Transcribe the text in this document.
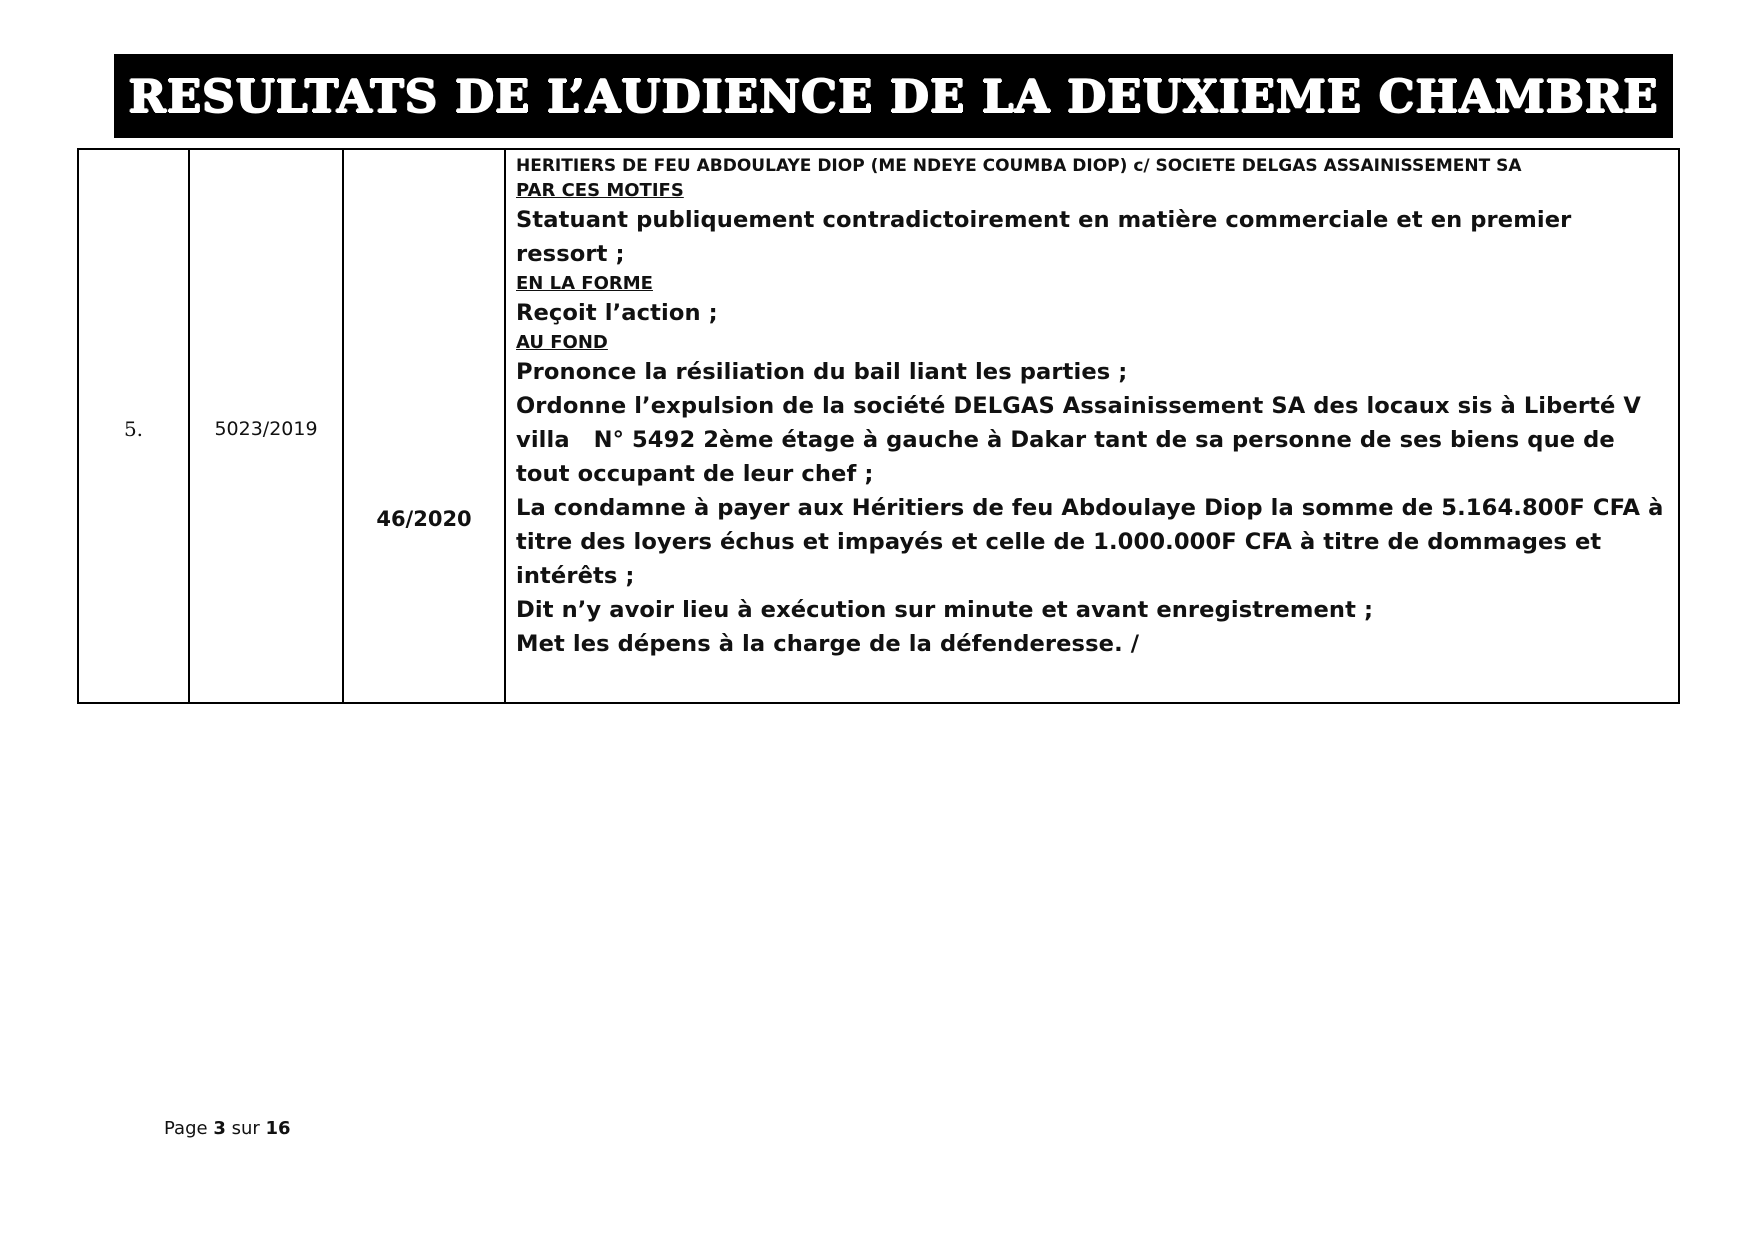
RESULTATS DE L’AUDIENCE DE LA DEUXIEME CHAMBRE
5.	5023/2019
46/2020
HERITIERS DE FEU ABDOULAYE DIOP (ME NDEYE COUMBA DIOP) c/ SOCIETE DELGAS ASSAINISSEMENT SA
PAR CES MOTIFS
Statuant publiquement contradictoirement en matière commerciale et en premier ressort ;
EN LA FORME
Reçoit l’action ;
AU FOND
Prononce la résiliation du bail liant les parties ;
Ordonne l’expulsion de la société DELGAS Assainissement SA des locaux sis à Liberté V villa   N° 5492 2ème étage à gauche à Dakar tant de sa personne de ses biens que de tout occupant de leur chef ;
La condamne à payer aux Héritiers de feu Abdoulaye Diop la somme de 5.164.800F CFA à titre des loyers échus et impayés et celle de 1.000.000F CFA à titre de dommages et intérêts ;
Dit n’y avoir lieu à exécution sur minute et avant enregistrement ;
Met les dépens à la charge de la défenderesse. /
Page 3 sur 16
